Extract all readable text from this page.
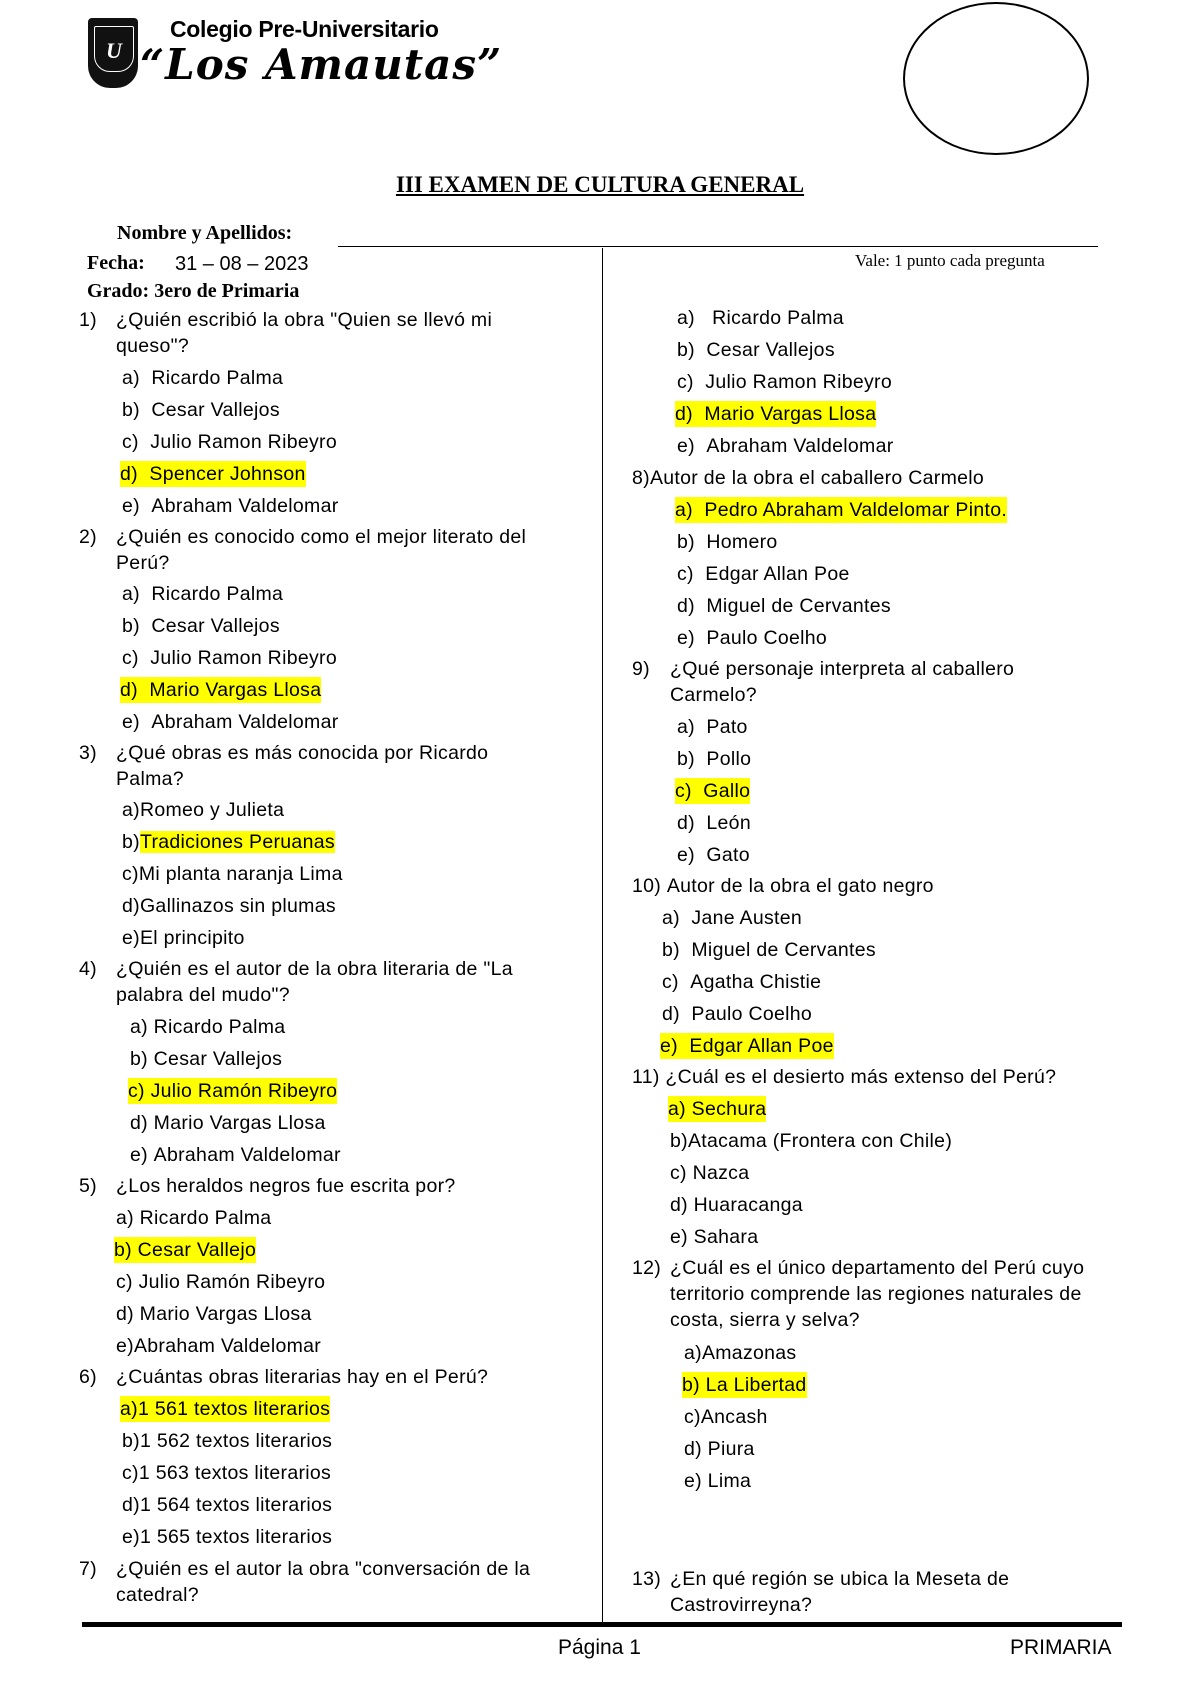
U
Colegio Pre-Universitario
“Los Amautas”
III EXAMEN DE CULTURA GENERAL
Nombre y Apellidos:
Fecha: 31 – 08 – 2023
Grado: 3ero de Primaria
Vale: 1 punto cada pregunta
1) ¿Quién escribió la obra "Quien se llevó mi queso"?
a) Ricardo Palma
b) Cesar Vallejos
c) Julio Ramon Ribeyro
d) Spencer Johnson
e) Abraham Valdelomar
2) ¿Quién es conocido como el mejor literato del Perú?
a) Ricardo Palma
b) Cesar Vallejos
c) Julio Ramon Ribeyro
d) Mario Vargas Llosa
e) Abraham Valdelomar
3) ¿Qué obras es más conocida por Ricardo Palma?
a)Romeo y Julieta
b)Tradiciones Peruanas
c)Mi planta naranja Lima
d)Gallinazos sin plumas
e)El principito
4) ¿Quién es el autor de la obra literaria de "La palabra del mudo"?
a) Ricardo Palma
b) Cesar Vallejos
c) Julio Ramón Ribeyro
d) Mario Vargas Llosa
e) Abraham Valdelomar
5) ¿Los heraldos negros fue escrita por?
a) Ricardo Palma
b) Cesar Vallejo
c) Julio Ramón Ribeyro
d) Mario Vargas Llosa
e)Abraham Valdelomar
6) ¿Cuántas obras literarias hay en el Perú?
a)1 561 textos literarios
b)1 562 textos literarios
c)1 563 textos literarios
d)1 564 textos literarios
e)1 565 textos literarios
7) ¿Quién es el autor la obra "conversación de la catedral?
a) Ricardo Palma
b) Cesar Vallejos
c) Julio Ramon Ribeyro
d) Mario Vargas Llosa
e) Abraham Valdelomar
8)Autor de la obra el caballero Carmelo
a) Pedro Abraham Valdelomar Pinto.
b) Homero
c) Edgar Allan Poe
d) Miguel de Cervantes
e) Paulo Coelho
9)	¿Qué personaje interpreta al caballero Carmelo?
a) Pato
b) Pollo
c) Gallo
d) León
e) Gato
10) Autor de la obra el gato negro
a) Jane Austen
b) Miguel de Cervantes
c) Agatha Chistie
d) Paulo Coelho
e) Edgar Allan Poe
11) ¿Cuál es el desierto más extenso del Perú?
a) Sechura
b)Atacama (Frontera con Chile)
c) Nazca
d) Huaracanga
e) Sahara
12) ¿Cuál es el único departamento del Perú cuyo territorio comprende las regiones naturales de costa, sierra y selva?
a)Amazonas
b) La Libertad
c)Ancash
d) Piura
e) Lima
13) ¿En qué región se ubica la Meseta de Castrovirreyna?
Página 1	PRIMARIA
